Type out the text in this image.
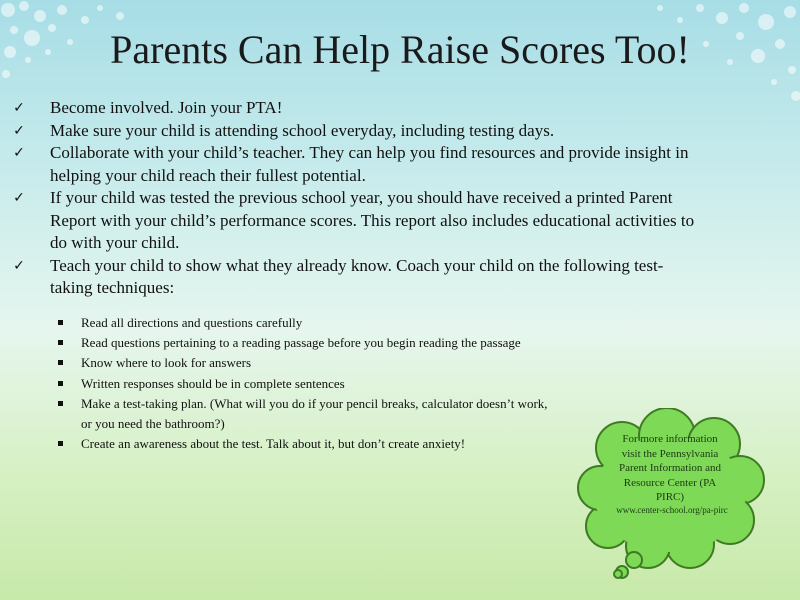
Parents Can Help Raise Scores Too!
✓ Become involved. Join your PTA!
✓ Make sure your child is attending school everyday, including testing days.
✓ Collaborate with your child’s teacher. They can help you find resources and provide insight in helping your child reach their fullest potential.
✓ If your child was tested the previous school year, you should have received a printed Parent Report with your child’s performance scores. This report also includes educational activities to do with your child.
✓ Teach your child to show what they already know. Coach your child on the following test-taking techniques:
Read all directions and questions carefully
Read questions pertaining to a reading passage before you begin reading the passage
Know where to look for answers
Written responses should be in complete sentences
Make a test-taking plan. (What will you do if your pencil breaks, calculator doesn’t work, or you need the bathroom?)
Create an awareness about the test. Talk about it, but don’t create anxiety!	For more information visit the Pennsylvania Parent Information and Resource Center (PA PIRC)
www.center-school.org/pa-pirc
